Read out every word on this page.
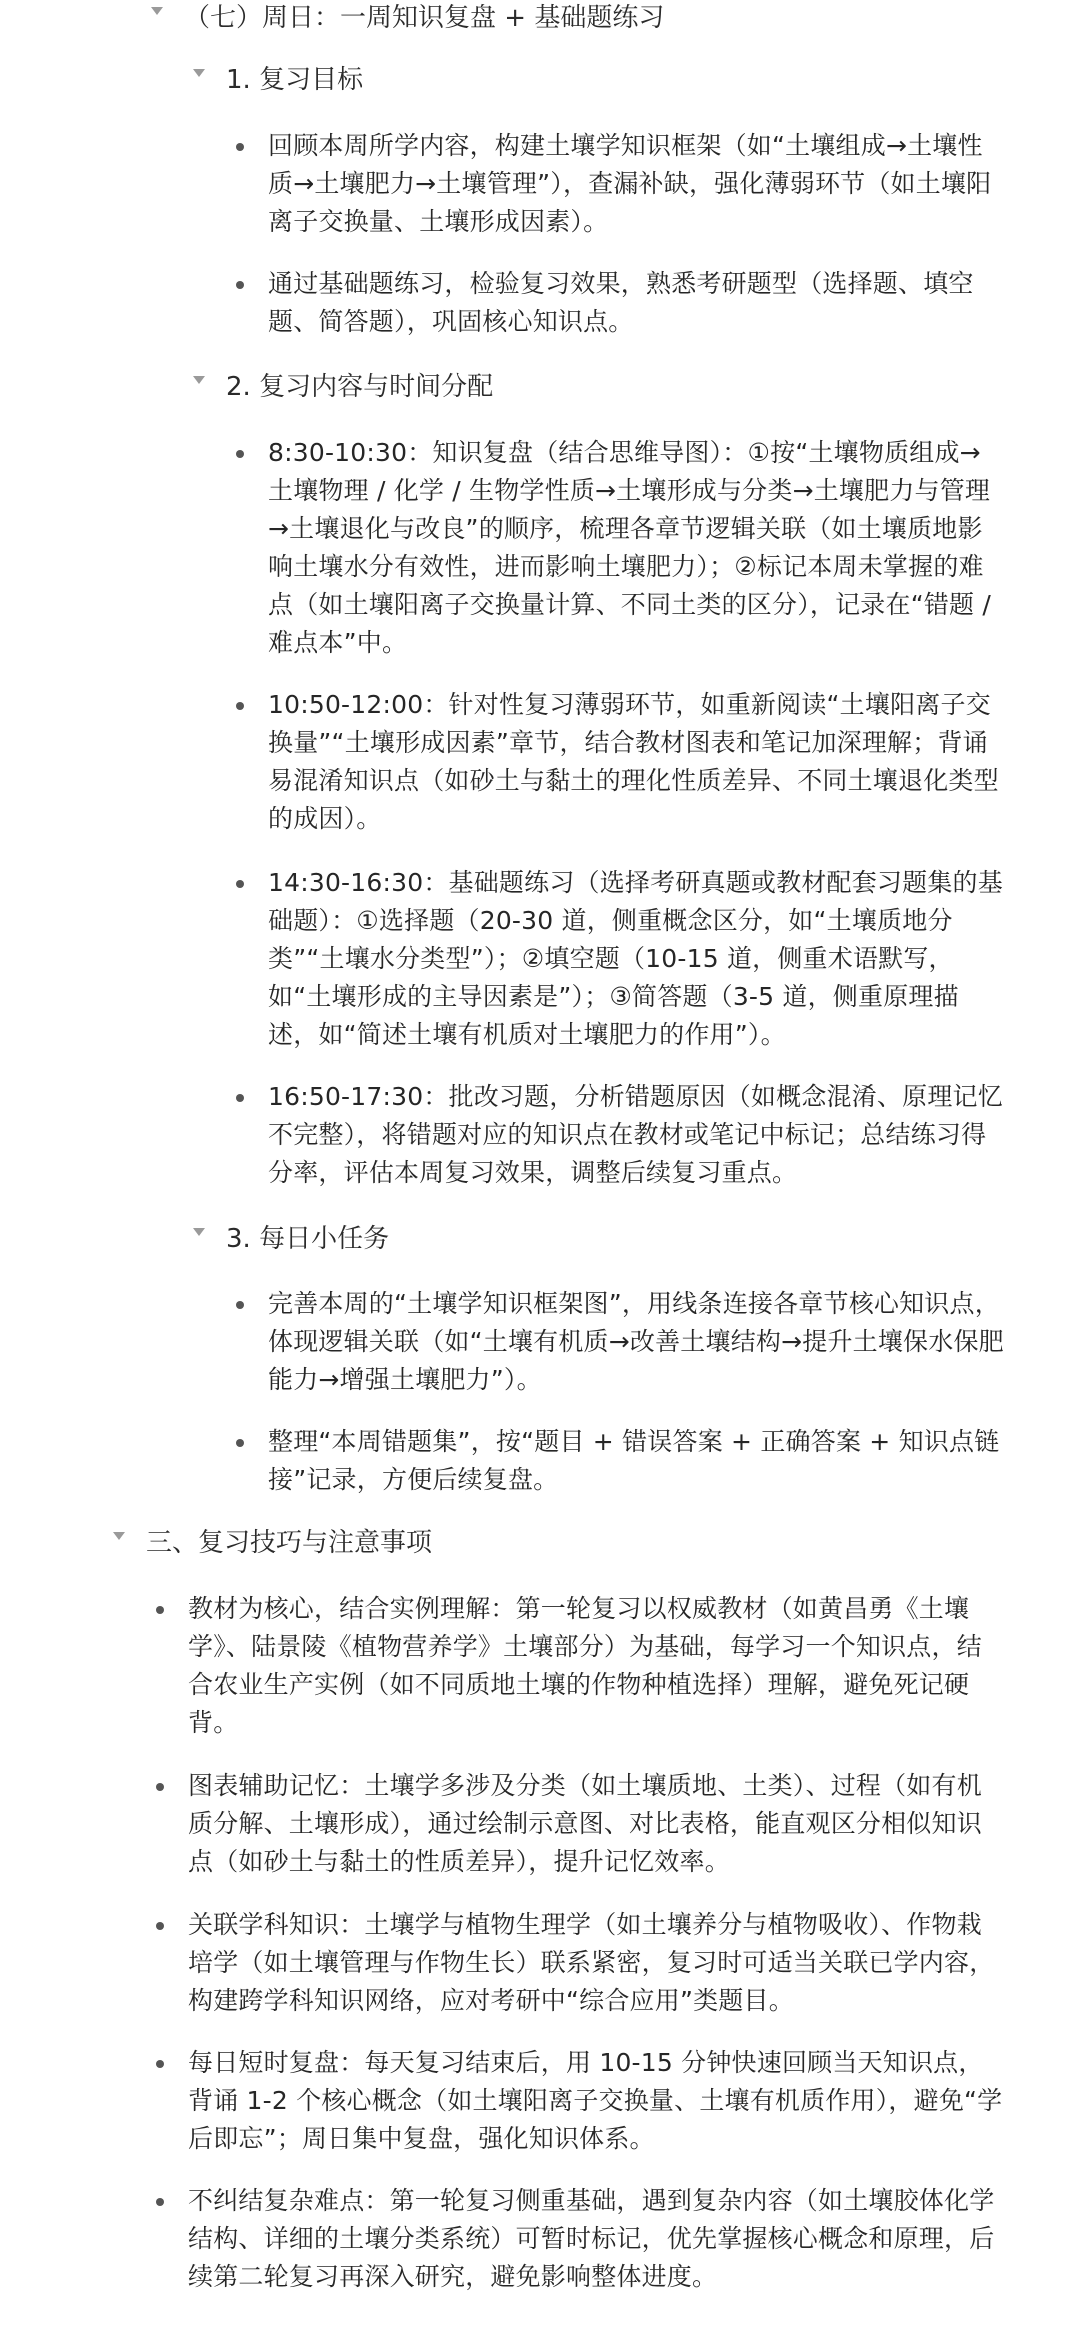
（七）周日：一周知识复盘 + 基础题练习
1. 复习目标
回顾本周所学内容，构建土壤学知识框架（如“土壤组成→土壤性质→土壤肥力→土壤管理”），查漏补缺，强化薄弱环节（如土壤阳离子交换量、土壤形成因素）。
通过基础题练习，检验复习效果，熟悉考研题型（选择题、填空题、简答题），巩固核心知识点。
2. 复习内容与时间分配
8:30-10:30：知识复盘（结合思维导图）：①按“土壤物质组成→土壤物理 / 化学 / 生物学性质→土壤形成与分类→土壤肥力与管理→土壤退化与改良”的顺序，梳理各章节逻辑关联（如土壤质地影响土壤水分有效性，进而影响土壤肥力）；②标记本周未掌握的难点（如土壤阳离子交换量计算、不同土类的区分），记录在“错题 / 难点本”中。
10:50-12:00：针对性复习薄弱环节，如重新阅读“土壤阳离子交换量”“土壤形成因素”章节，结合教材图表和笔记加深理解；背诵易混淆知识点（如砂土与黏土的理化性质差异、不同土壤退化类型的成因）。
14:30-16:30：基础题练习（选择考研真题或教材配套习题集的基础题）：①选择题（20-30 道，侧重概念区分，如“土壤质地分类”“土壤水分类型”）；②填空题（10-15 道，侧重术语默写，如“土壤形成的主导因素是”）；③简答题（3-5 道，侧重原理描述，如“简述土壤有机质对土壤肥力的作用”）。
16:50-17:30：批改习题，分析错题原因（如概念混淆、原理记忆不完整），将错题对应的知识点在教材或笔记中标记；总结练习得分率，评估本周复习效果，调整后续复习重点。
3. 每日小任务
完善本周的“土壤学知识框架图”，用线条连接各章节核心知识点，体现逻辑关联（如“土壤有机质→改善土壤结构→提升土壤保水保肥能力→增强土壤肥力”）。
整理“本周错题集”，按“题目 + 错误答案 + 正确答案 + 知识点链接”记录，方便后续复盘。
三、复习技巧与注意事项
教材为核心，结合实例理解：第一轮复习以权威教材（如黄昌勇《土壤学》、陆景陵《植物营养学》土壤部分）为基础，每学习一个知识点，结合农业生产实例（如不同质地土壤的作物种植选择）理解，避免死记硬背。
图表辅助记忆：土壤学多涉及分类（如土壤质地、土类）、过程（如有机质分解、土壤形成），通过绘制示意图、对比表格，能直观区分相似知识点（如砂土与黏土的性质差异），提升记忆效率。
关联学科知识：土壤学与植物生理学（如土壤养分与植物吸收）、作物栽培学（如土壤管理与作物生长）联系紧密，复习时可适当关联已学内容，构建跨学科知识网络，应对考研中“综合应用”类题目。
每日短时复盘：每天复习结束后，用 10-15 分钟快速回顾当天知识点，背诵 1-2 个核心概念（如土壤阳离子交换量、土壤有机质作用），避免“学后即忘”；周日集中复盘，强化知识体系。
不纠结复杂难点：第一轮复习侧重基础，遇到复杂内容（如土壤胶体化学结构、详细的土壤分类系统）可暂时标记，优先掌握核心概念和原理，后续第二轮复习再深入研究，避免影响整体进度。
